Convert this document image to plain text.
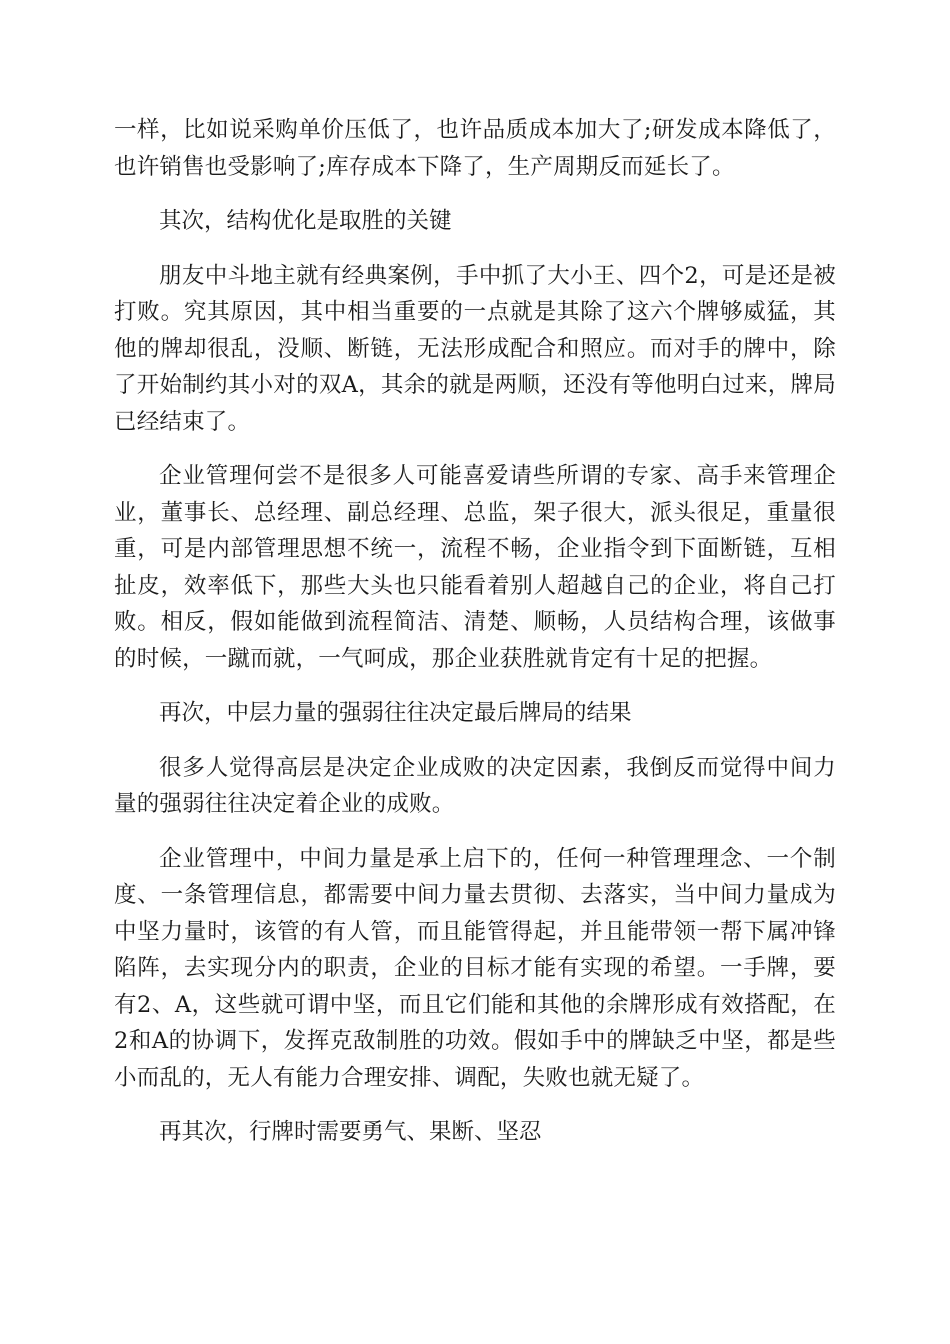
一样，比如说采购单价压低了，也许品质成本加大了;研发成本降低了，也许销售也受影响了;库存成本下降了，生产周期反而延长了。

其次，结构优化是取胜的关键

朋友中斗地主就有经典案例，手中抓了大小王、四个2，可是还是被打败。究其原因，其中相当重要的一点就是其除了这六个牌够威猛，其他的牌却很乱，没顺、断链，无法形成配合和照应。而对手的牌中，除了开始制约其小对的双A，其余的就是两顺，还没有等他明白过来，牌局已经结束了。

企业管理何尝不是很多人可能喜爱请些所谓的专家、高手来管理企业，董事长、总经理、副总经理、总监，架子很大，派头很足，重量很重，可是内部管理思想不统一，流程不畅，企业指令到下面断链，互相扯皮，效率低下，那些大头也只能看着别人超越自己的企业，将自己打败。相反，假如能做到流程简洁、清楚、顺畅，人员结构合理，该做事的时候，一蹴而就，一气呵成，那企业获胜就肯定有十足的把握。

再次，中层力量的强弱往往决定最后牌局的结果

很多人觉得高层是决定企业成败的决定因素，我倒反而觉得中间力量的强弱往往决定着企业的成败。

企业管理中，中间力量是承上启下的，任何一种管理理念、一个制度、一条管理信息，都需要中间力量去贯彻、去落实，当中间力量成为中坚力量时，该管的有人管，而且能管得起，并且能带领一帮下属冲锋陷阵，去实现分内的职责，企业的目标才能有实现的希望。一手牌，要有2、A，这些就可谓中坚，而且它们能和其他的余牌形成有效搭配，在2和A的协调下，发挥克敌制胜的功效。假如手中的牌缺乏中坚，都是些小而乱的，无人有能力合理安排、调配，失败也就无疑了。

再其次，行牌时需要勇气、果断、坚忍
